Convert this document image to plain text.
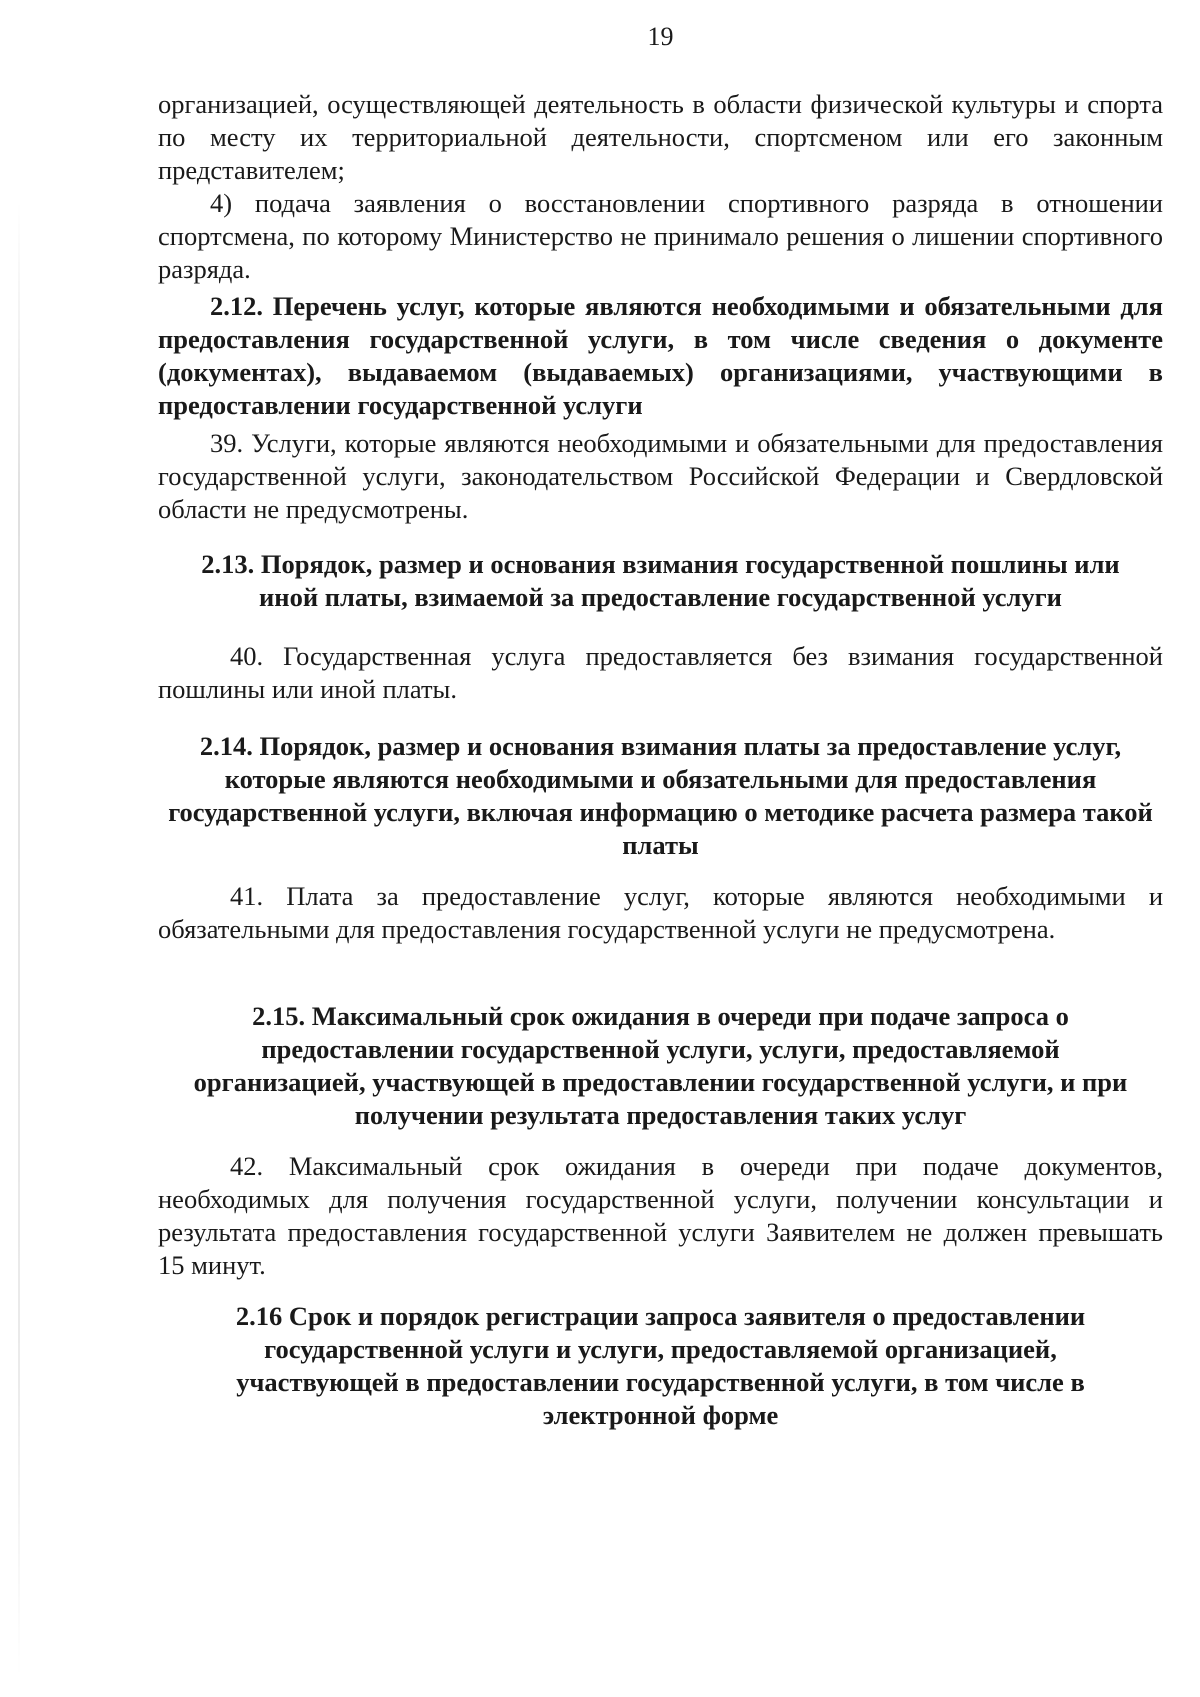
19

организацией, осуществляющей деятельность в области физической культуры и спорта по месту их территориальной деятельности, спортсменом или его законным представителем;

4) подача заявления о восстановлении спортивного разряда в отношении спортсмена, по которому Министерство не принимало решения о лишении спортивного разряда.

2.12. Перечень услуг, которые являются необходимыми и обязательными для предоставления государственной услуги, в том числе сведения о документе (документах), выдаваемом (выдаваемых) организациями, участвующими в предоставлении государственной услуги

39. Услуги, которые являются необходимыми и обязательными для предоставления государственной услуги, законодательством Российской Федерации и Свердловской области не предусмотрены.

2.13. Порядок, размер и основания взимания государственной пошлины или иной платы, взимаемой за предоставление государственной услуги

40. Государственная услуга предоставляется без взимания государственной пошлины или иной платы.

2.14. Порядок, размер и основания взимания платы за предоставление услуг, которые являются необходимыми и обязательными для предоставления государственной услуги, включая информацию о методике расчета размера такой платы

41. Плата за предоставление услуг, которые являются необходимыми и обязательными для предоставления государственной услуги не предусмотрена.

2.15. Максимальный срок ожидания в очереди при подаче запроса о предоставлении государственной услуги, услуги, предоставляемой организацией, участвующей в предоставлении государственной услуги, и при получении результата предоставления таких услуг

42. Максимальный срок ожидания в очереди при подаче документов, необходимых для получения государственной услуги, получении консультации и результата предоставления государственной услуги Заявителем не должен превышать 15 минут.

2.16 Срок и порядок регистрации запроса заявителя о предоставлении государственной услуги и услуги, предоставляемой организацией, участвующей в предоставлении государственной услуги, в том числе в электронной форме
